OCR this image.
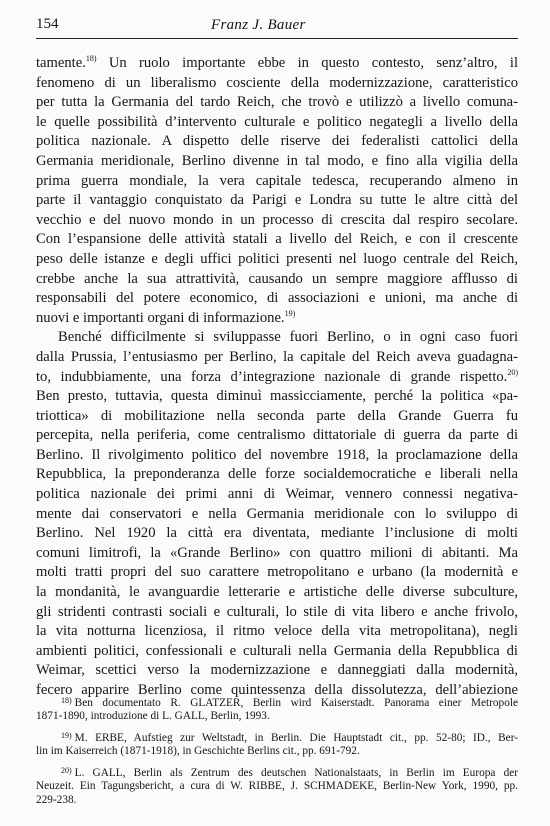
154	Franz J. Bauer
tamente.$^{18)}$ Un ruolo importante ebbe in questo contesto, senz’altro, il
fenomeno di un liberalismo cosciente della modernizzazione, caratteristico
per tutta la Germania del tardo Reich, che trovò e utilizzò a livello comuna-
le quelle possibilità d’intervento culturale e politico negategli a livello della
politica nazionale. A dispetto delle riserve dei federalisti cattolici della
Germania meridionale, Berlino divenne in tal modo, e fino alla vigilia della
prima guerra mondiale, la vera capitale tedesca, recuperando almeno in
parte il vantaggio conquistato da Parigi e Londra su tutte le altre città del
vecchio e del nuovo mondo in un processo di crescita dal respiro secolare.
Con l’espansione delle attività statali a livello del Reich, e con il crescente
peso delle istanze e degli uffici politici presenti nel luogo centrale del Reich,
crebbe anche la sua attrattività, causando un sempre maggiore afflusso di
responsabili del potere economico, di associazioni e unioni, ma anche di
nuovi e importanti organi di informazione.$^{19)}$
Benché difficilmente si sviluppasse fuori Berlino, o in ogni caso fuori
dalla Prussia, l’entusiasmo per Berlino, la capitale del Reich aveva guadagna-
to, indubbiamente, una forza d’integrazione nazionale di grande rispetto.$^{20)}$
Ben presto, tuttavia, questa diminuì massicciamente, perché la politica «pa-
triottica» di mobilitazione nella seconda parte della Grande Guerra fu
percepita, nella periferia, come centralismo dittatoriale di guerra da parte di
Berlino. Il rivolgimento politico del novembre 1918, la proclamazione della
Repubblica, la preponderanza delle forze socialdemocratiche e liberali nella
politica nazionale dei primi anni di Weimar, vennero connessi negativa-
mente dai conservatori e nella Germania meridionale con lo sviluppo di
Berlino. Nel 1920 la città era diventata, mediante l’inclusione di molti
comuni limitrofi, la «Grande Berlino» con quattro milioni di abitanti. Ma
molti tratti propri del suo carattere metropolitano e urbano (la modernità e
la mondanità, le avanguardie letterarie e artistiche delle diverse subculture,
gli stridenti contrasti sociali e culturali, lo stile di vita libero e anche frivolo,
la vita notturna licenziosa, il ritmo veloce della vita metropolitana), negli
ambienti politici, confessionali e culturali nella Germania della Repubblica di
Weimar, scettici verso la modernizzazione e danneggiati dalla modernità,
fecero apparire Berlino come quintessenza della dissolutezza, dell’abiezione
$^{18)}$ Ben documentato R. GLATZER, Berlin wird Kaiserstadt. Panorama einer Metropole
1871-1890, introduzione di L. GALL, Berlin, 1993.
$^{19)}$ M. ERBE, Aufstieg zur Weltstadt, in Berlin. Die Hauptstadt cit., pp. 52-80; ID., Ber-
lin im Kaiserreich (1871-1918), in Geschichte Berlins cit., pp. 691-792.
$^{20)}$ L. GALL, Berlin als Zentrum des deutschen Nationalstaats, in Berlin im Europa der
Neuzeit. Ein Tagungsbericht, a cura di W. RIBBE, J. SCHMADEKE, Berlin-New York, 1990, pp.
229-238.
